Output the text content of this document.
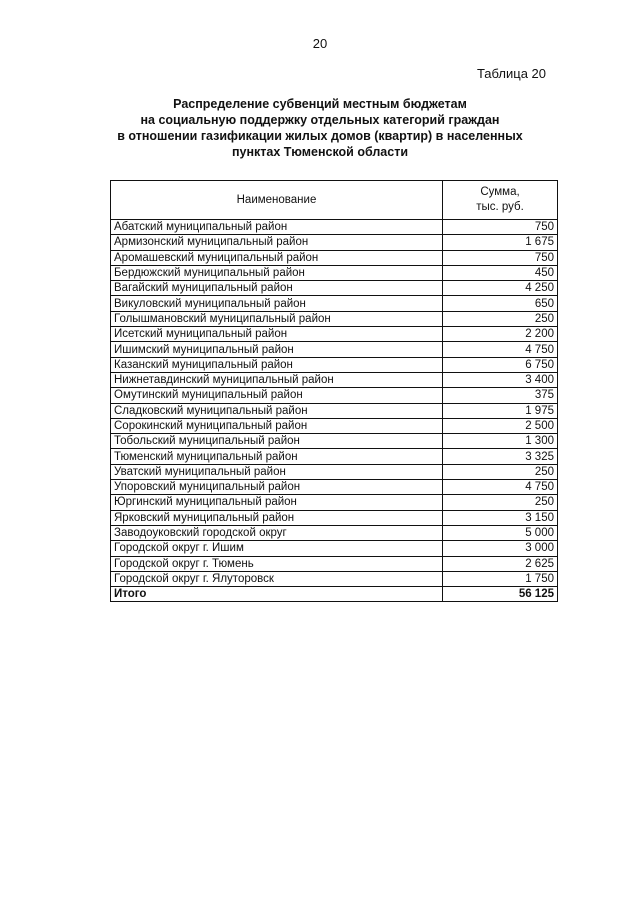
20
Таблица 20
Распределение субвенций местным бюджетам
на социальную поддержку отдельных категорий граждан
в отношении газификации жилых домов (квартир) в населенных
пунктах Тюменской области
Наименование	Сумма,
тыс. руб.

Абатский муниципальный район	750
Армизонский муниципальный район	1 675
Аромашевский муниципальный район	750
Бердюжский муниципальный район	450
Вагайский муниципальный район	4 250
Викуловский муниципальный район	650
Голышмановский муниципальный район	250
Исетский муниципальный район	2 200
Ишимский муниципальный район	4 750
Казанский муниципальный район	6 750
Нижнетавдинский муниципальный район	3 400
Омутинский муниципальный район	375
Сладковский муниципальный район	1 975
Сорокинский муниципальный район	2 500
Тобольский муниципальный район	1 300
Тюменский муниципальный район	3 325
Уватский муниципальный район	250
Упоровский муниципальный район	4 750
Юргинский муниципальный район	250
Ярковский муниципальный район	3 150
Заводоуковский городской округ	5 000
Городской округ г. Ишим	3 000
Городской округ г. Тюмень	2 625
Городской округ г. Ялуторовск	1 750
Итого	56 125
